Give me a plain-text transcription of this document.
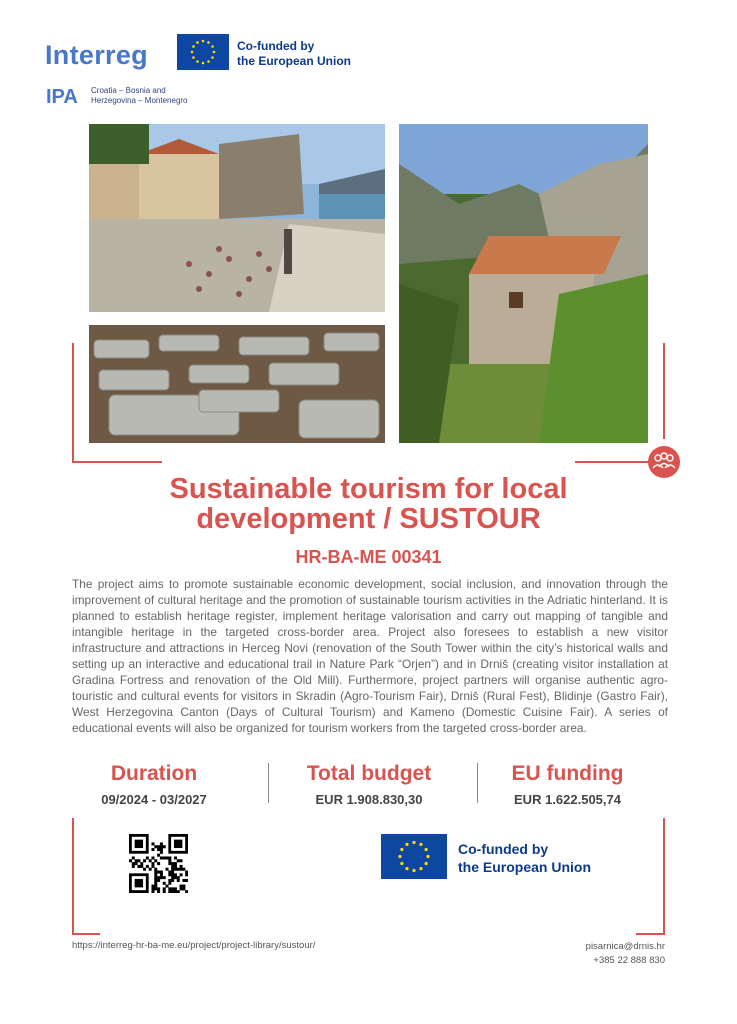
Interreg	Co-funded by
the European Union
IPA Croatia – Bosnia and
Herzegovina – Montenegro
Sustainable tourism for local
development / SUSTOUR
HR-BA-ME 00341
The project aims to promote sustainable economic development, social inclusion, and innovation through the improvement of cultural heritage and the promotion of sustainable tourism activities in the Adriatic hinterland. It is planned to establish heritage register, implement heritage valorisation and carry out mapping of tangible and intangible heritage in the targeted cross-border area. Project also foresees to establish a new visitor infrastructure and attractions in Herceg Novi (renovation of the South Tower within the city’s historical walls and setting up an interactive and educational trail in Nature Park “Orjen”) and in Drniš (creating visitor installation at Gradina Fortress and renovation of the Old Mill). Furthermore, project partners will organise authentic agro-touristic and cultural events for visitors in Skradin (Agro-Tourism Fair), Drniš (Rural Fest), Blidinje (Gastro Fair), West Herzegovina Canton (Days of Cultural Tourism) and Kameno (Domestic Cuisine Fair). A series of educational events will also be organized for tourism workers from the targeted cross-border area.
Duration
09/2024 - 03/2027
Total budget
EUR 1.908.830,30
EU funding
EUR 1.622.505,74
Co-funded by
the European Union
https://interreg-hr-ba-me.eu/project/project-library/sustour/	pisarnica@drnis.hr
+385 22 888 830
